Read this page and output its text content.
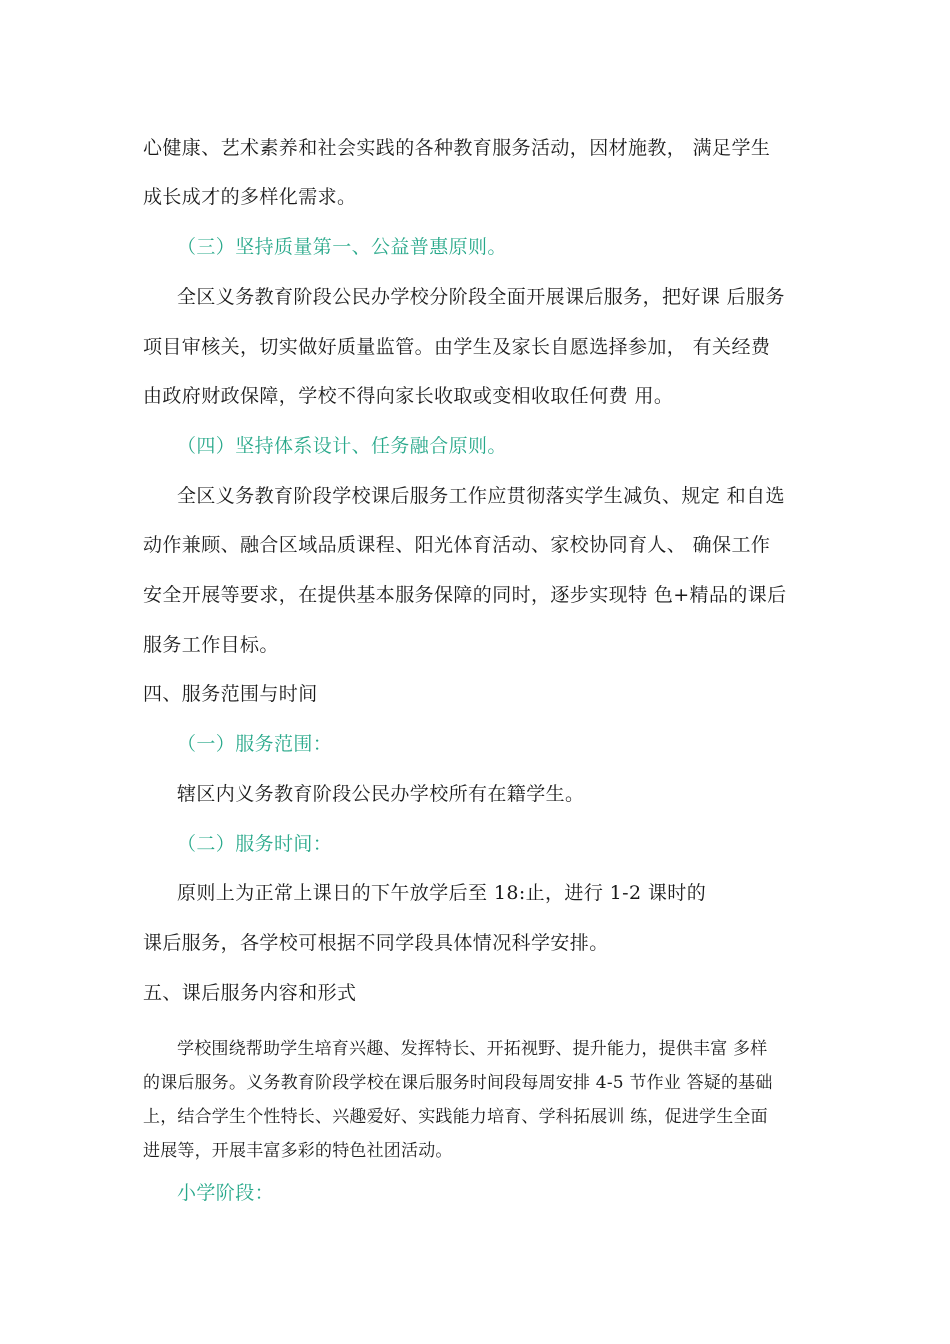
心健康、艺术素养和社会实践的各种教育服务活动，因材施教， 满足学生
成长成才的多样化需求。
（三）坚持质量第一、公益普惠原则。
全区义务教育阶段公民办学校分阶段全面开展课后服务，把好课 后服务
项目审核关，切实做好质量监管。由学生及家长自愿选择参加， 有关经费
由政府财政保障，学校不得向家长收取或变相收取任何费 用。
（四）坚持体系设计、任务融合原则。
全区义务教育阶段学校课后服务工作应贯彻落实学生减负、规定 和自选
动作兼顾、融合区域品质课程、阳光体育活动、家校协同育人、 确保工作
安全开展等要求，在提供基本服务保障的同时，逐步实现特 色+精品的课后
服务工作目标。
四、服务范围与时间
（一）服务范围：
辖区内义务教育阶段公民办学校所有在籍学生。
（二）服务时间：
原则上为正常上课日的下午放学后至 18:止，进行 1-2 课时的
课后服务，各学校可根据不同学段具体情况科学安排。
五、课后服务内容和形式
学校围绕帮助学生培育兴趣、发挥特长、开拓视野、提升能力，提供丰富 多样
的课后服务。义务教育阶段学校在课后服务时间段每周安排 4-5 节作业 答疑的基础
上，结合学生个性特长、兴趣爱好、实践能力培育、学科拓展训 练，促进学生全面
进展等，开展丰富多彩的特色社团活动。
小学阶段：
